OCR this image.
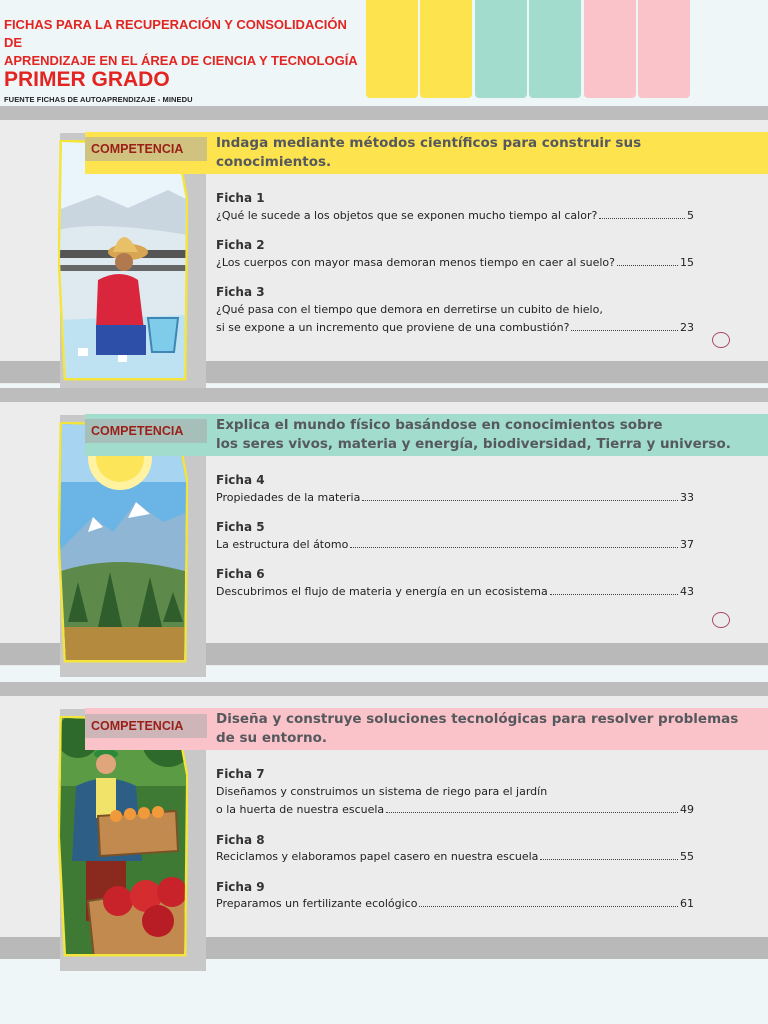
FICHAS PARA LA RECUPERACIÓN Y CONSOLIDACIÓN DE
APRENDIZAJE EN EL ÁREA DE CIENCIA Y TECNOLOGÍA
PRIMER GRADO
FUENTE FICHAS DE AUTOAPRENDIZAJE - MINEDU
COMPETENCIA	Indaga mediante métodos científicos para construir sus
conocimientos.
Ficha 1
¿Qué le sucede a los objetos que se exponen mucho tiempo al calor?	5
Ficha 2
¿Los cuerpos con mayor masa demoran menos tiempo en caer al suelo?	15
Ficha 3
¿Qué pasa con el tiempo que demora en derretirse un cubito de hielo,
si se expone a un incremento que proviene de una combustión?	23
COMPETENCIA	Explica el mundo físico basándose en conocimientos sobre
los seres vivos, materia y energía, biodiversidad, Tierra y universo.
Ficha 4
Propiedades de la materia	33
Ficha 5
La estructura del átomo	37
Ficha 6
Descubrimos el flujo de materia y energía en un ecosistema	43
COMPETENCIA	Diseña y construye soluciones tecnológicas para resolver problemas
de su entorno.
Ficha 7
Diseñamos y construimos un sistema de riego para el jardín
o la huerta de nuestra escuela	49
Ficha 8
Reciclamos y elaboramos papel casero en nuestra escuela	55
Ficha 9
Preparamos un fertilizante ecológico	61
